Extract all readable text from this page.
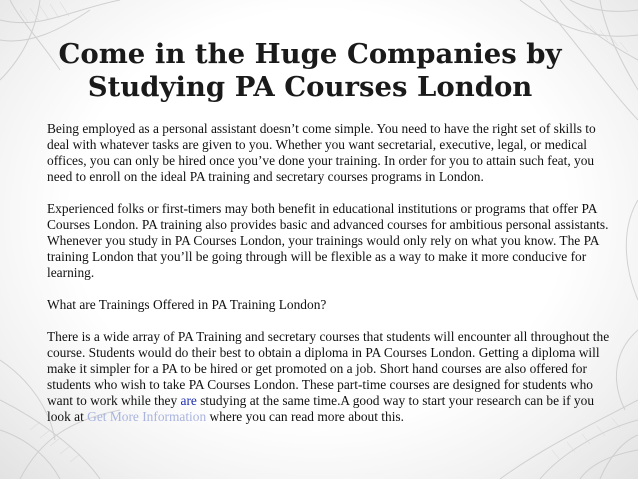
Come in the Huge Companies by Studying PA Courses London

Being employed as a personal assistant doesn’t come simple. You need to have the right set of skills to deal with whatever tasks are given to you. Whether you want secretarial, executive, legal, or medical offices, you can only be hired once you’ve done your training. In order for you to attain such feat, you need to enroll on the ideal PA training and secretary courses programs in London.

Experienced folks or first-timers may both benefit in educational institutions or programs that offer PA Courses London. PA training also provides basic and advanced courses for ambitious personal assistants. Whenever you study in PA Courses London, your trainings would only rely on what you know. The PA training London that you’ll be going through will be flexible as a way to make it more conducive for learning.

What are Trainings Offered in PA Training London?

There is a wide array of PA Training and secretary courses that students will encounter all throughout the course. Students would do their best to obtain a diploma in PA Courses London. Getting a diploma will make it simpler for a PA to be hired or get promoted on a job. Short hand courses are also offered for students who wish to take PA Courses London. These part-time courses are designed for students who want to work while they are studying at the same time.A good way to start your research can be if you look at Get More Information where you can read more about this.
